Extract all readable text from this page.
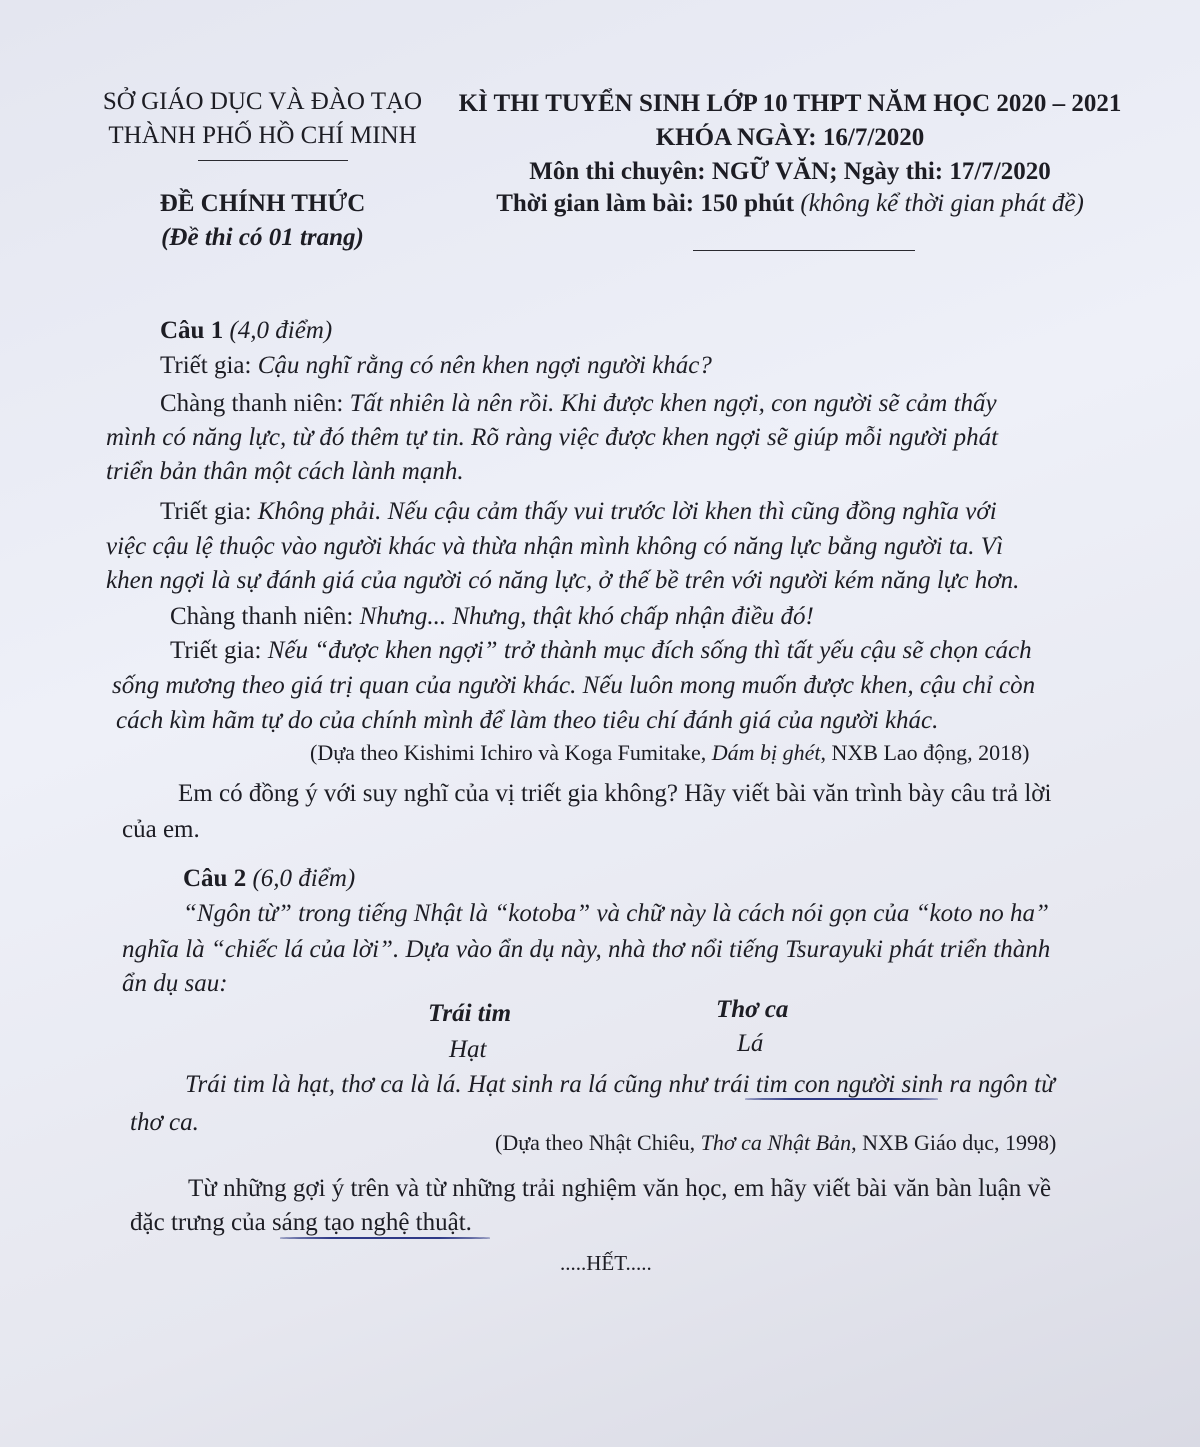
SỞ GIÁO DỤC VÀ ĐÀO TẠO
THÀNH PHỐ HỒ CHÍ MINH
ĐỀ CHÍNH THỨC
(Đề thi có 01 trang)
KÌ THI TUYỂN SINH LỚP 10 THPT NĂM HỌC 2020 – 2021
KHÓA NGÀY: 16/7/2020
Môn thi chuyên: NGỮ VĂN; Ngày thi: 17/7/2020
Thời gian làm bài: 150 phút (không kể thời gian phát đề)
Câu 1 (4,0 điểm)
Triết gia: Cậu nghĩ rằng có nên khen ngợi người khác?
Chàng thanh niên: Tất nhiên là nên rồi. Khi được khen ngợi, con người sẽ cảm thấy
mình có năng lực, từ đó thêm tự tin. Rõ ràng việc được khen ngợi sẽ giúp mỗi người phát
triển bản thân một cách lành mạnh.
Triết gia: Không phải. Nếu cậu cảm thấy vui trước lời khen thì cũng đồng nghĩa với
việc cậu lệ thuộc vào người khác và thừa nhận mình không có năng lực bằng người ta. Vì
khen ngợi là sự đánh giá của người có năng lực, ở thế bề trên với người kém năng lực hơn.
Chàng thanh niên: Nhưng... Nhưng, thật khó chấp nhận điều đó!
Triết gia: Nếu “được khen ngợi” trở thành mục đích sống thì tất yếu cậu sẽ chọn cách
sống mương theo giá trị quan của người khác. Nếu luôn mong muốn được khen, cậu chỉ còn
cách kìm hãm tự do của chính mình để làm theo tiêu chí đánh giá của người khác.
(Dựa theo Kishimi Ichiro và Koga Fumitake, Dám bị ghét, NXB Lao động, 2018)
Em có đồng ý với suy nghĩ của vị triết gia không? Hãy viết bài văn trình bày câu trả lời
của em.
Câu 2 (6,0 điểm)
“Ngôn từ” trong tiếng Nhật là “kotoba” và chữ này là cách nói gọn của “koto no ha”
nghĩa là “chiếc lá của lời”. Dựa vào ẩn dụ này, nhà thơ nổi tiếng Tsurayuki phát triển thành
ẩn dụ sau:
Trái tim
Hạt
Thơ ca
Lá
Trái tim là hạt, thơ ca là lá. Hạt sinh ra lá cũng như trái tim con người sinh ra ngôn từ
thơ ca.
(Dựa theo Nhật Chiêu, Thơ ca Nhật Bản, NXB Giáo dục, 1998)
Từ những gợi ý trên và từ những trải nghiệm văn học, em hãy viết bài văn bàn luận về
đặc trưng của sáng tạo nghệ thuật.
.....HẾT.....
